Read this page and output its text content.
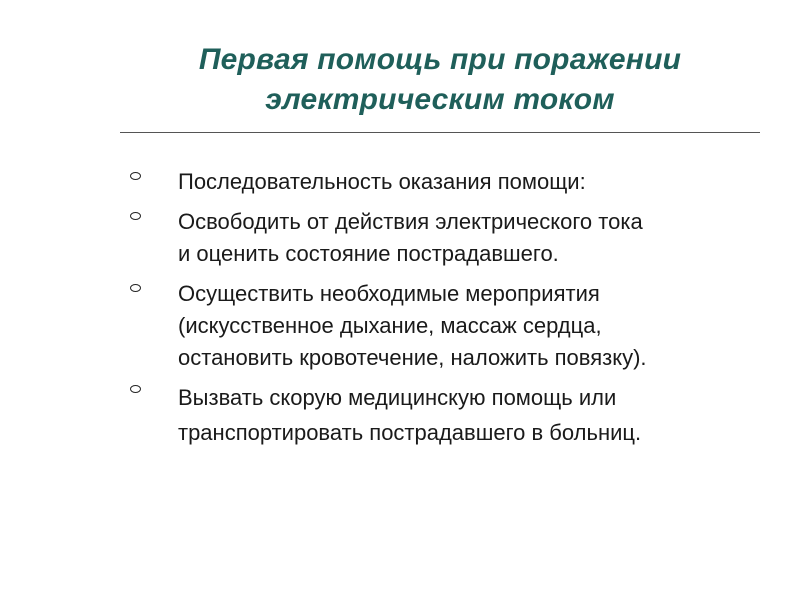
Первая помощь при поражении
электрическим током
Последовательность оказания помощи:
Освободить от действия электрического тока
и оценить состояние пострадавшего.
Осуществить необходимые мероприятия
(искусственное дыхание, массаж сердца,
остановить кровотечение, наложить повязку).
Вызвать скорую медицинскую помощь или
транспортировать пострадавшего в больниц.
